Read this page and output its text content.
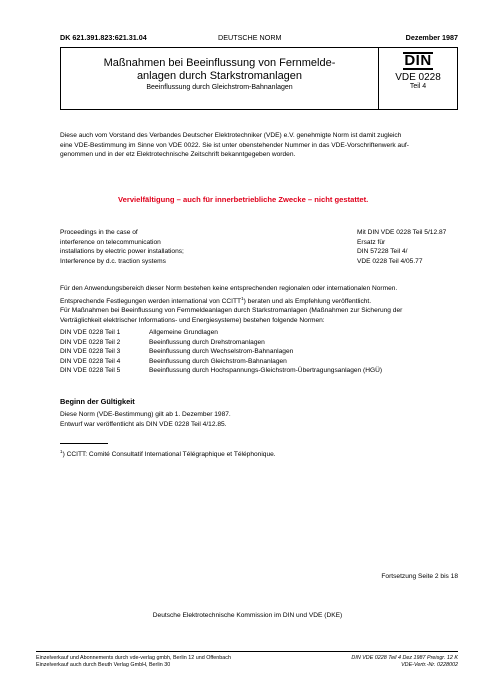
DK 621.391.823:621.31.04	DEUTSCHE NORM	Dezember 1987
Maßnahmen bei Beeinflussung von Fernmelde-
anlagen durch Starkstromanlagen
Beeinflussung durch Gleichstrom-Bahnanlagen
DIN
VDE 0228
Teil 4
Diese auch vom Vorstand des Verbandes Deutscher Elektrotechniker (VDE) e.V. genehmigte Norm ist damit zugleich
eine VDE-Bestimmung im Sinne von VDE 0022. Sie ist unter obenstehender Nummer in das VDE-Vorschriftenwerk auf-
genommen und in der etz Elektrotechnische Zeitschrift bekanntgegeben worden.
Vervielfältigung – auch für innerbetriebliche Zwecke – nicht gestattet.
Proceedings in the case of
interference on telecommunication
installations by electric power installations;
Interference by d.c. traction systems
Mit DIN VDE 0228 Teil 5/12.87
Ersatz für
DIN 57228 Teil 4/
VDE 0228 Teil 4/05.77
Für den Anwendungsbereich dieser Norm bestehen keine entsprechenden regionalen oder internationalen Normen.
Entsprechende Festlegungen werden international von CCITT$^1$) beraten und als Empfehlung veröffentlicht.
Für Maßnahmen bei Beeinflussung von Fernmeldeanlagen durch Starkstromanlagen (Maßnahmen zur Sicherung der
Verträglichkeit elektrischer Informations- und Energiesysteme) bestehen folgende Normen:
DIN VDE 0228 Teil 1	Allgemeine Grundlagen
DIN VDE 0228 Teil 2	Beeinflussung durch Drehstromanlagen
DIN VDE 0228 Teil 3	Beeinflussung durch Wechselstrom-Bahnanlagen
DIN VDE 0228 Teil 4	Beeinflussung durch Gleichstrom-Bahnanlagen
DIN VDE 0228 Teil 5	Beeinflussung durch Hochspannungs-Gleichstrom-Übertragungsanlagen (HGÜ)
Beginn der Gültigkeit
Diese Norm (VDE-Bestimmung) gilt ab 1. Dezember 1987.
Entwurf war veröffentlicht als DIN VDE 0228 Teil 4/12.85.
$^1$) CCITT: Comité Consultatif International Télégraphique et Téléphonique.
Fortsetzung Seite 2 bis 18
Deutsche Elektrotechnische Kommission im DIN und VDE (DKE)
Einzelverkauf und Abonnements durch vde-verlag gmbh, Berlin 12 und Offenbach
Einzelverkauf auch durch Beuth Verlag GmbH, Berlin 30
DIN VDE 0228 Teil 4 Dez 1987 Preisgr. 12 K
VDE-Vertr.-Nr. 0228002
